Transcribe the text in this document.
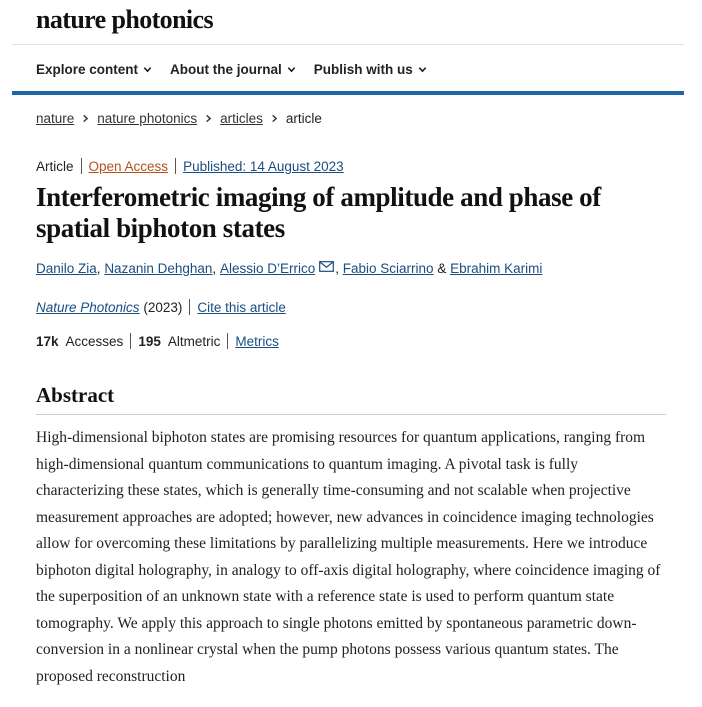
nature photonics
Explore content About the journal Publish with us
nature nature photonics articles article
Article Open Access Published: 14 August 2023
Interferometric imaging of amplitude and phase of spatial biphoton states
Danilo Zia ,
Nazanin Dehghan ,
Alessio D’Errico ,
Fabio Sciarrino
&
Ebrahim Karimi
Nature Photonics
(2023) Cite this article
17k Accesses 195 Altmetric Metrics
Abstract

High-dimensional biphoton states are promising resources for quantum applications, ranging from high-dimensional quantum communications to quantum imaging. A pivotal task is fully characterizing these states, which is generally time-consuming and not scalable when projective measurement approaches are adopted; however, new advances in coincidence imaging technologies allow for overcoming these limitations by parallelizing multiple measurements. Here we introduce biphoton digital holography, in analogy to off-axis digital holography, where coincidence imaging of the superposition of an unknown state with a reference state is used to perform quantum state tomography. We apply this approach to single photons emitted by spontaneous parametric down-conversion in a nonlinear crystal when the pump photons possess various quantum states. The proposed reconstruction
